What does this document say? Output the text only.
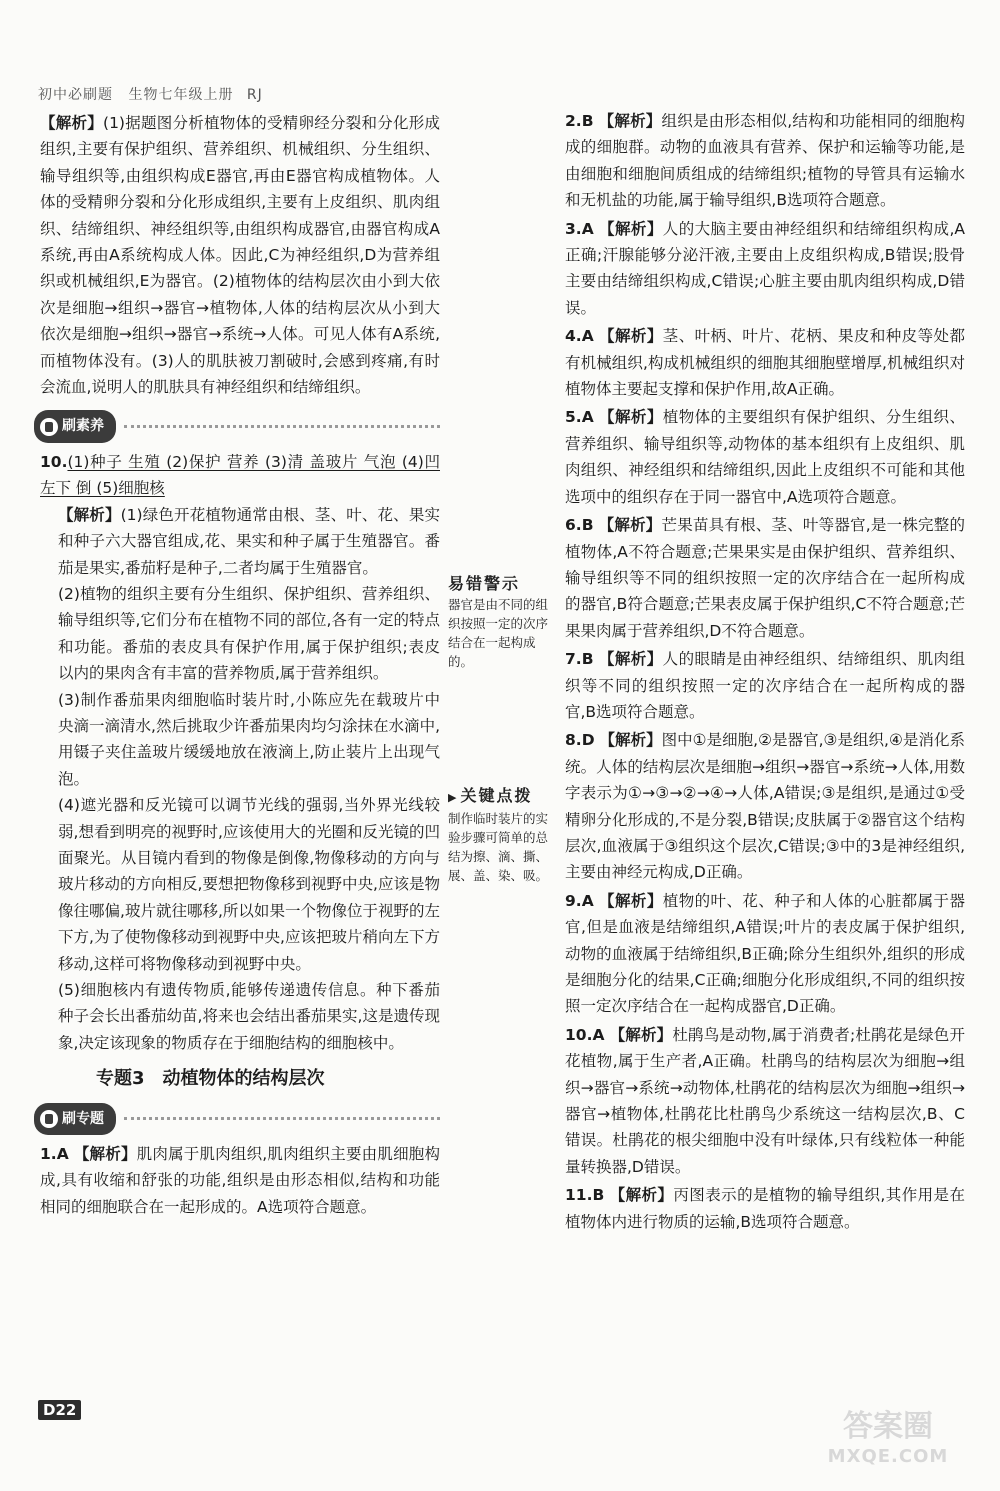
初中必刷题 生物七年级上册 RJ

【解析】(1)据题图分析植物体的受精卵经分裂和分化形成组织,主要有保护组织、营养组织、机械组织、分生组织、输导组织等,由组织构成E器官,再由E器官构成植物体。人体的受精卵分裂和分化形成组织,主要有上皮组织、肌肉组织、结缔组织、神经组织等,由组织构成器官,由器官构成A系统,再由A系统构成人体。因此,C为神经组织,D为营养组织或机械组织,E为器官。(2)植物体的结构层次由小到大依次是细胞→组织→器官→植物体,人体的结构层次从小到大依次是细胞→组织→器官→系统→人体。可见人体有A系统,而植物体没有。(3)人的肌肤被刀割破时,会感到疼痛,有时会流血,说明人的肌肤具有神经组织和结缔组织。

刷素养

10.(1)种子 生殖 (2)保护 营养 (3)清 盖玻片 气泡 (4)凹 左下 倒 (5)细胞核

【解析】(1)绿色开花植物通常由根、茎、叶、花、果实和种子六大器官组成,花、果实和种子属于生殖器官。番茄是果实,番茄籽是种子,二者均属于生殖器官。

(2)植物的组织主要有分生组织、保护组织、营养组织、输导组织等,它们分布在植物不同的部位,各有一定的特点和功能。番茄的表皮具有保护作用,属于保护组织;表皮以内的果肉含有丰富的营养物质,属于营养组织。

(3)制作番茄果肉细胞临时装片时,小陈应先在载玻片中央滴一滴清水,然后挑取少许番茄果肉均匀涂抹在水滴中,用镊子夹住盖玻片缓缓地放在液滴上,防止装片上出现气泡。

(4)遮光器和反光镜可以调节光线的强弱,当外界光线较弱,想看到明亮的视野时,应该使用大的光圈和反光镜的凹面聚光。从目镜内看到的物像是倒像,物像移动的方向与玻片移动的方向相反,要想把物像移到视野中央,应该是物像往哪偏,玻片就往哪移,所以如果一个物像位于视野的左下方,为了使物像移动到视野中央,应该把玻片稍向左下方移动,这样可将物像移动到视野中央。

(5)细胞核内有遗传物质,能够传递遗传信息。种下番茄种子会长出番茄幼苗,将来也会结出番茄果实,这是遗传现象,决定该现象的物质存在于细胞结构的细胞核中。

专题3 动植物体的结构层次
刷专题

1.A 【解析】肌肉属于肌肉组织,肌肉组织主要由肌细胞构成,具有收缩和舒张的功能,组织是由形态相似,结构和功能相同的细胞联合在一起形成的。A选项符合题意。

易错警示
器官是由不同的组织按照一定的次序结合在一起构成的。
▶ 关键点拨
制作临时装片的实验步骤可简单的总结为擦、滴、撕、展、盖、染、吸。

2.B 【解析】组织是由形态相似,结构和功能相同的细胞构成的细胞群。动物的血液具有营养、保护和运输等功能,是由细胞和细胞间质组成的结缔组织;植物的导管具有运输水和无机盐的功能,属于输导组织,B选项符合题意。

3.A 【解析】人的大脑主要由神经组织和结缔组织构成,A正确;汗腺能够分泌汗液,主要由上皮组织构成,B错误;股骨主要由结缔组织构成,C错误;心脏主要由肌肉组织构成,D错误。

4.A 【解析】茎、叶柄、叶片、花柄、果皮和种皮等处都有机械组织,构成机械组织的细胞其细胞壁增厚,机械组织对植物体主要起支撑和保护作用,故A正确。

5.A 【解析】植物体的主要组织有保护组织、分生组织、营养组织、输导组织等,动物体的基本组织有上皮组织、肌肉组织、神经组织和结缔组织,因此上皮组织不可能和其他选项中的组织存在于同一器官中,A选项符合题意。

6.B 【解析】芒果苗具有根、茎、叶等器官,是一株完整的植物体,A不符合题意;芒果果实是由保护组织、营养组织、输导组织等不同的组织按照一定的次序结合在一起所构成的器官,B符合题意;芒果表皮属于保护组织,C不符合题意;芒果果肉属于营养组织,D不符合题意。

7.B 【解析】人的眼睛是由神经组织、结缔组织、肌肉组织等不同的组织按照一定的次序结合在一起所构成的器官,B选项符合题意。

8.D 【解析】图中①是细胞,②是器官,③是组织,④是消化系统。人体的结构层次是细胞→组织→器官→系统→人体,用数字表示为①→③→②→④→人体,A错误;③是组织,是通过①受精卵分化形成的,不是分裂,B错误;皮肤属于②器官这个结构层次,血液属于③组织这个层次,C错误;③中的3是神经组织,主要由神经元构成,D正确。

9.A 【解析】植物的叶、花、种子和人体的心脏都属于器官,但是血液是结缔组织,A错误;叶片的表皮属于保护组织,动物的血液属于结缔组织,B正确;除分生组织外,组织的形成是细胞分化的结果,C正确;细胞分化形成组织,不同的组织按照一定次序结合在一起构成器官,D正确。

10.A 【解析】杜鹃鸟是动物,属于消费者;杜鹃花是绿色开花植物,属于生产者,A正确。杜鹃鸟的结构层次为细胞→组织→器官→系统→动物体,杜鹃花的结构层次为细胞→组织→器官→植物体,杜鹃花比杜鹃鸟少系统这一结构层次,B、C错误。杜鹃花的根尖细胞中没有叶绿体,只有线粒体一种能量转换器,D错误。

11.B 【解析】丙图表示的是植物的输导组织,其作用是在植物体内进行物质的运输,B选项符合题意。

D22	答案圈
MXQE.COM
